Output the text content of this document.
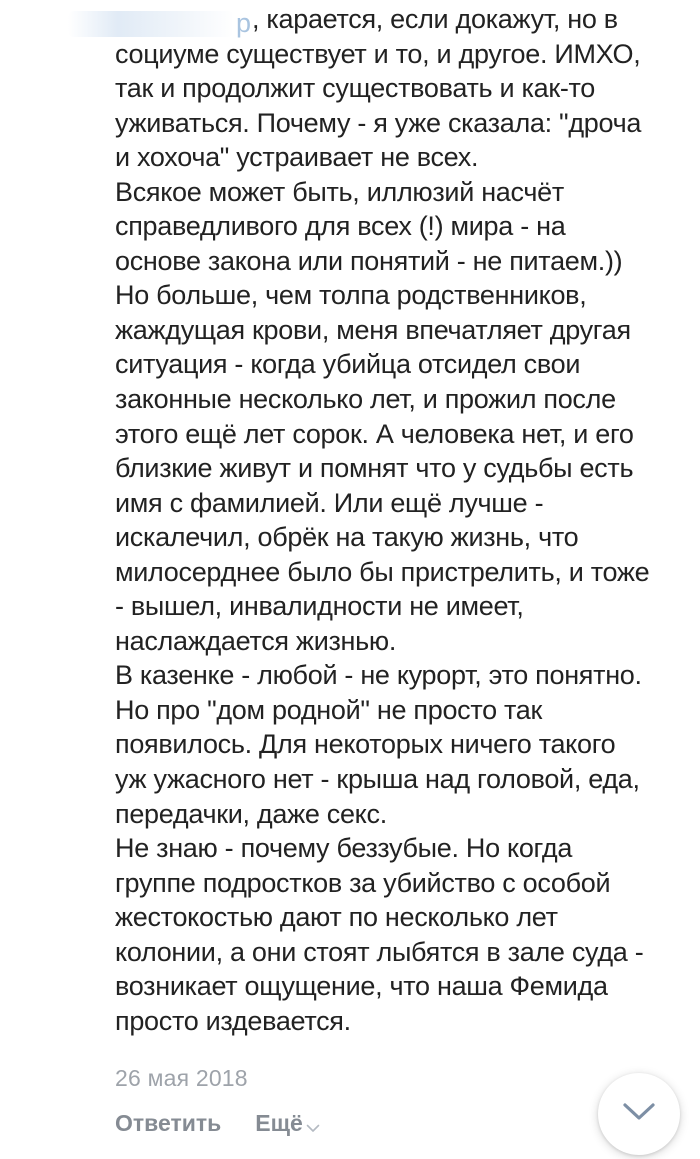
р , карается, если докажут, но в
социуме существует и то, и другое. ИМХО,
так и продолжит существовать и как-то
уживаться. Почему - я уже сказала: "дроча
и хохоча" устраивает не всех.
Всякое может быть, иллюзий насчёт
справедливого для всех (!) мира - на
основе закона или понятий - не питаем.))
Но больше, чем толпа родственников,
жаждущая крови, меня впечатляет другая
ситуация - когда убийца отсидел свои
законные несколько лет, и прожил после
этого ещё лет сорок. А человека нет, и его
близкие живут и помнят что у судьбы есть
имя с фамилией. Или ещё лучше -
искалечил, обрёк на такую жизнь, что
милосерднее было бы пристрелить, и тоже
- вышел, инвалидности не имеет,
наслаждается жизнью.
В казенке - любой - не курорт, это понятно.
Но про "дом родной" не просто так
появилось. Для некоторых ничего такого
уж ужасного нет - крыша над головой, еда,
передачки, даже секс.
Не знаю - почему беззубые. Но когда
группе подростков за убийство с особой
жестокостью дают по несколько лет
колонии, а они стоят лыбятся в зале суда -
возникает ощущение, что наша Фемида
просто издевается.
26 мая 2018
Ответить Ещё
